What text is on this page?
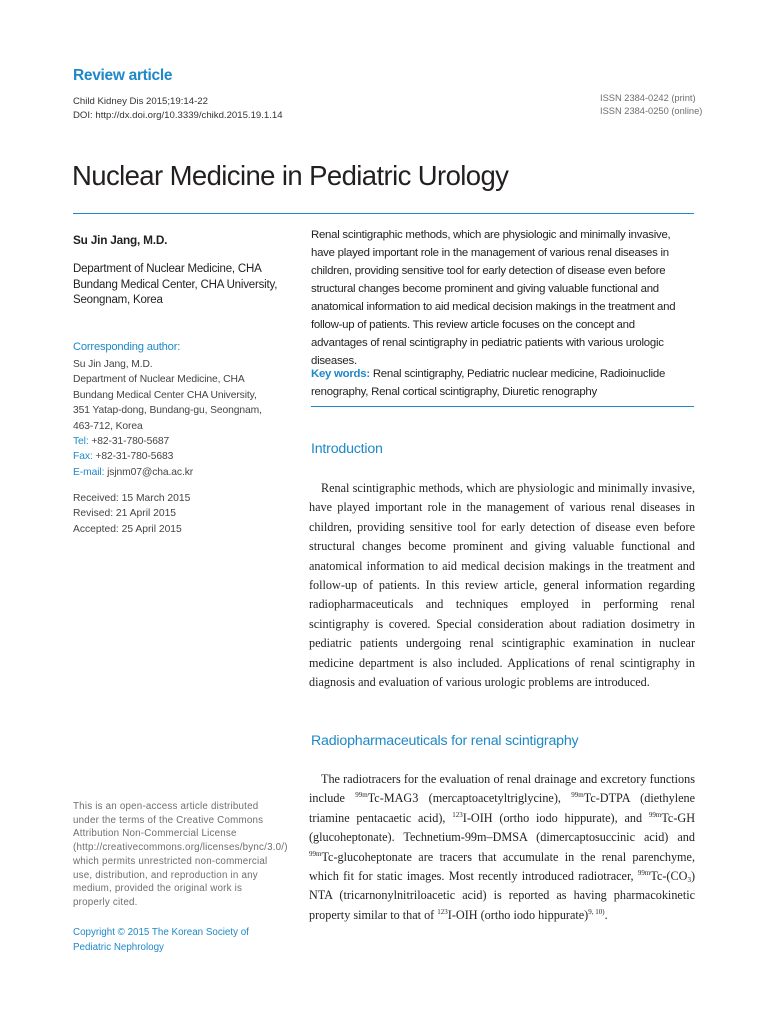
Review article
Child Kidney Dis 2015;19:14-22
DOI: http://dx.doi.org/10.3339/chikd.2015.19.1.14
ISSN 2384-0242 (print)
ISSN 2384-0250 (online)
Nuclear Medicine in Pediatric Urology
Su Jin Jang, M.D.
Department of Nuclear Medicine, CHA Bundang Medical Center, CHA University, Seongnam, Korea
Corresponding author:
Su Jin Jang, M.D.
Department of Nuclear Medicine, CHA
Bundang Medical Center CHA University,
351 Yatap-dong, Bundang-gu, Seongnam,
463-712, Korea
Tel: +82-31-780-5687
Fax: +82-31-780-5683
E-mail: jsjnm07@cha.ac.kr
Received: 15 March 2015
Revised: 21 April 2015
Accepted: 25 April 2015
This is an open-access article distributed under the terms of the Creative Commons Attribution Non-Commercial License (http://creativecommons.org/licenses/bync/3.0/) which permits unrestricted non-commercial use, distribution, and reproduction in any medium, provided the original work is properly cited.
Copyright © 2015 The Korean Society of Pediatric Nephrology
Renal scintigraphic methods, which are physiologic and minimally invasive, have played important role in the management of various renal diseases in children, providing sensitive tool for early detection of disease even before structural changes become prominent and giving valuable functional and anatomical information to aid medical decision makings in the treatment and follow-up of patients. This review article focuses on the concept and advantages of renal scintigraphy in pediatric patients with various urologic diseases.
Key words: Renal scintigraphy, Pediatric nuclear medicine, Radioinuclide renography, Renal cortical scintigraphy, Diuretic renography
Introduction

Renal scintigraphic methods, which are physiologic and minimally invasive, have played important role in the management of various renal diseases in children, providing sensitive tool for early detection of disease even before structural changes become prominent and giving valuable functional and anatomical information to aid medical decision makings in the treatment and follow-up of patients. In this review article, general information regarding radiopharmaceuticals and techniques employed in performing renal scintigraphy is covered. Special consideration about radiation dosimetry in pediatric patients undergoing renal scintigraphic examination in nuclear medicine department is also included. Applications of renal scintigraphy in diagnosis and evaluation of various urologic problems are introduced.

Radiopharmaceuticals for renal scintigraphy

The radiotracers for the evaluation of renal drainage and excretory functions include $^{99m}$Tc-MAG3 (mercaptoacetyltriglycine), $^{99m}$Tc-DTPA (diethylene triamine pentacaetic acid), $^{123}$I-OIH (ortho iodo hippurate), and $^{99m}$Tc-GH (glucoheptonate). Technetium-99m–DMSA (dimercaptosuccinic acid) and $^{99m}$Tc-glucoheptonate are tracers that accumulate in the renal parenchyme, which fit for static images. Most recently introduced radiotracer, $^{99m}Tc-(CO_3)$ NTA (tricarnonylnitriloacetic acid) is reported as having pharmacokinetic property similar to that of $^{123}$I-OIH (ortho iodo hippurate)$^{9, 10)}$.
